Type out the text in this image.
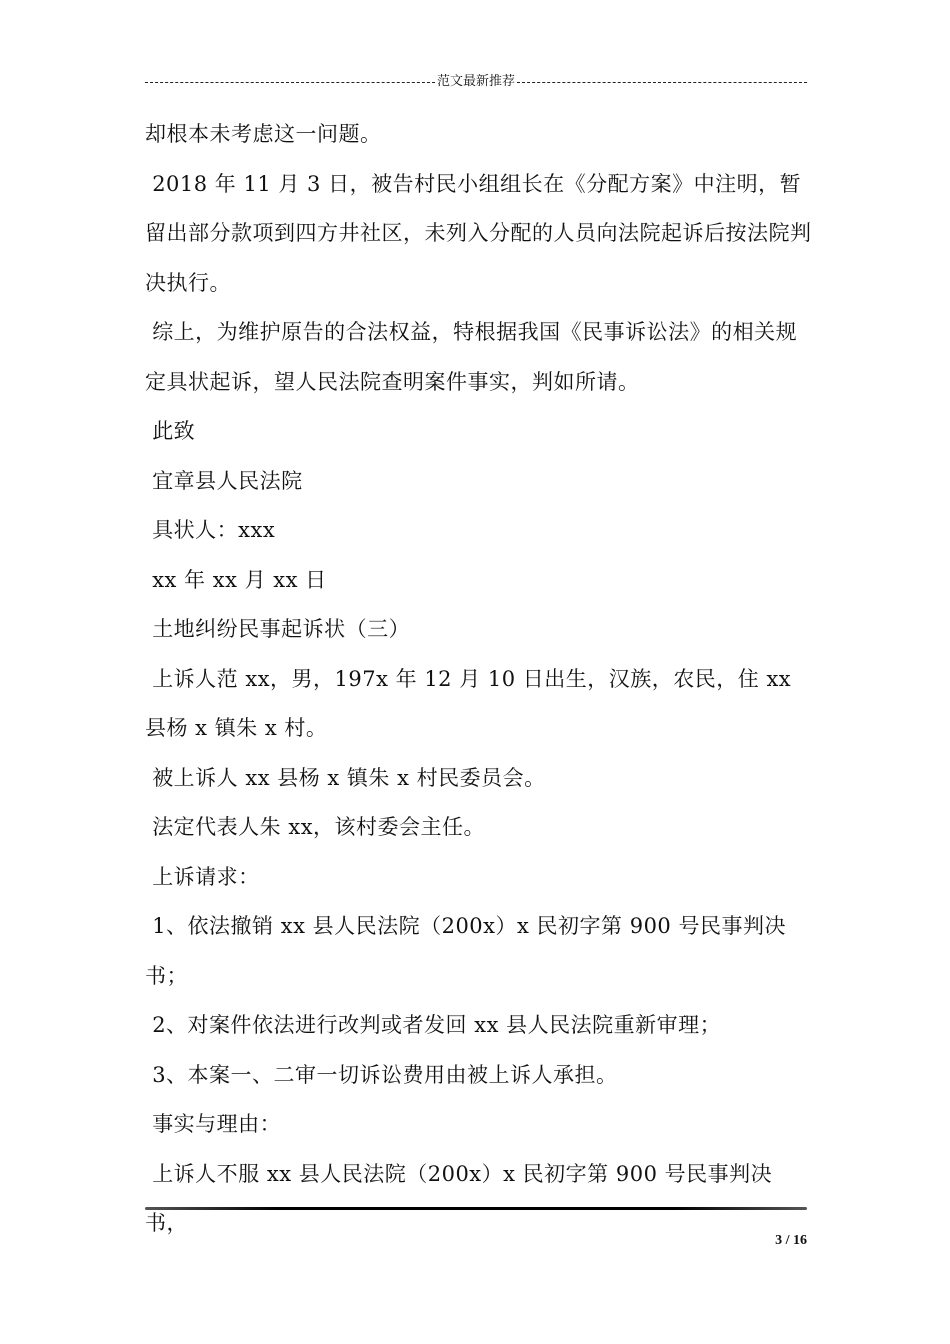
范文最新推荐

却根本未考虑这一问题。

2018 年 11 月 3 日，被告村民小组组长在《分配方案》中注明，暂留出部分款项到四方井社区，未列入分配的人员向法院起诉后按法院判决执行。

综上，为维护原告的合法权益，特根据我国《民事诉讼法》的相关规定具状起诉，望人民法院查明案件事实，判如所请。

此致

宜章县人民法院

具状人：xxx

xx 年 xx 月 xx 日

土地纠纷民事起诉状（三）

上诉人范 xx，男，197x 年 12 月 10 日出生，汉族，农民，住 xx 县杨 x 镇朱 x 村。

被上诉人 xx 县杨 x 镇朱 x 村民委员会。

法定代表人朱 xx，该村委会主任。

上诉请求：

1、依法撤销 xx 县人民法院（200x）x 民初字第 900 号民事判决书；

2、对案件依法进行改判或者发回 xx 县人民法院重新审理；

3、本案一、二审一切诉讼费用由被上诉人承担。

事实与理由：

上诉人不服 xx 县人民法院（200x）x 民初字第 900 号民事判决书，

3 / 16
